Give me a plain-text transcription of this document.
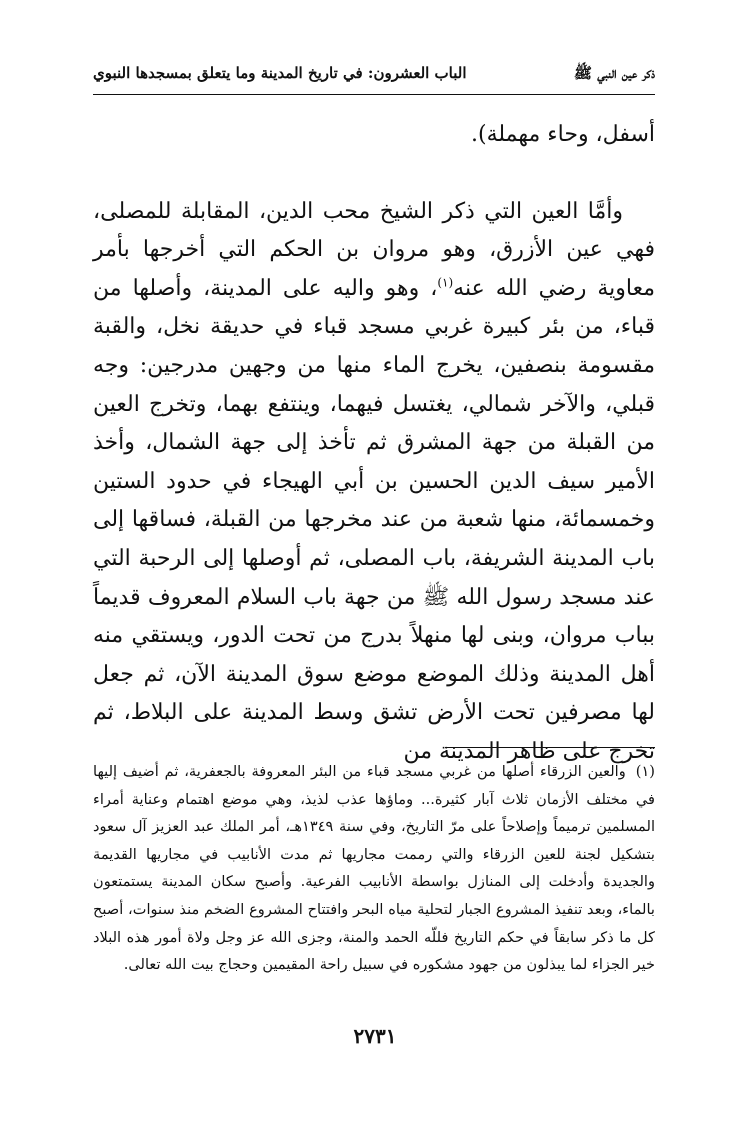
ذكر عين النبي ﷺ
الباب العشرون: في تاريخ المدينة وما يتعلق بمسجدها النبوي

أسفل، وحاء مهملة).

وأمَّا العين التي ذكر الشيخ محب الدين، المقابلة للمصلى، فهي عين الأزرق، وهو مروان بن الحكم التي أخرجها بأمر معاوية رضي الله عنه$^{(١)}$، وهو واليه على المدينة، وأصلها من قباء، من بئر كبيرة غربي مسجد قباء في حديقة نخل، والقبة مقسومة بنصفين، يخرج الماء منها من وجهين مدرجين: وجه قبلي، والآخر شمالي، يغتسل فيهما، وينتفع بهما، وتخرج العين من القبلة من جهة المشرق ثم تأخذ إلى جهة الشمال، وأخذ الأمير سيف الدين الحسين بن أبي الهيجاء في حدود الستين وخمسمائة، منها شعبة من عند مخرجها من القبلة، فساقها إلى باب المدينة الشريفة، باب المصلى، ثم أوصلها إلى الرحبة التي عند مسجد رسول الله ﷺ من جهة باب السلام المعروف قديماً بباب مروان، وبنى لها منهلاً بدرج من تحت الدور، ويستقي منه أهل المدينة وذلك الموضع موضع سوق المدينة الآن، ثم جعل لها مصرفين تحت الأرض تشق وسط المدينة على البلاط، ثم تخرج على ظاهر المدينة من

(١)والعين الزرقاء أصلها من غربي مسجد قباء من البئر المعروفة بالجعفرية، ثم أضيف إليها في مختلف الأزمان ثلاث آبار كثيرة... وماؤها عذب لذيذ، وهي موضع اهتمام وعناية أمراء المسلمين ترميماً وإصلاحاً على مرّ التاريخ، وفي سنة ١٣٤٩هـ، أمر الملك عبد العزيز آل سعود بتشكيل لجنة للعين الزرقاء والتي رممت مجاريها ثم مدت الأنابيب في مجاريها القديمة والجديدة وأدخلت إلى المنازل بواسطة الأنابيب الفرعية. وأصبح سكان المدينة يستمتعون بالماء، وبعد تنفيذ المشروع الجبار لتحلية مياه البحر وافتتاح المشروع الضخم منذ سنوات، أصبح كل ما ذكر سابقاً في حكم التاريخ فللّه الحمد والمنة، وجزى الله عز وجل ولاة أمور هذه البلاد خير الجزاء لما يبذلون من جهود مشكوره في سبيل راحة المقيمين وحجاج بيت الله تعالى.
٢٧٣١
